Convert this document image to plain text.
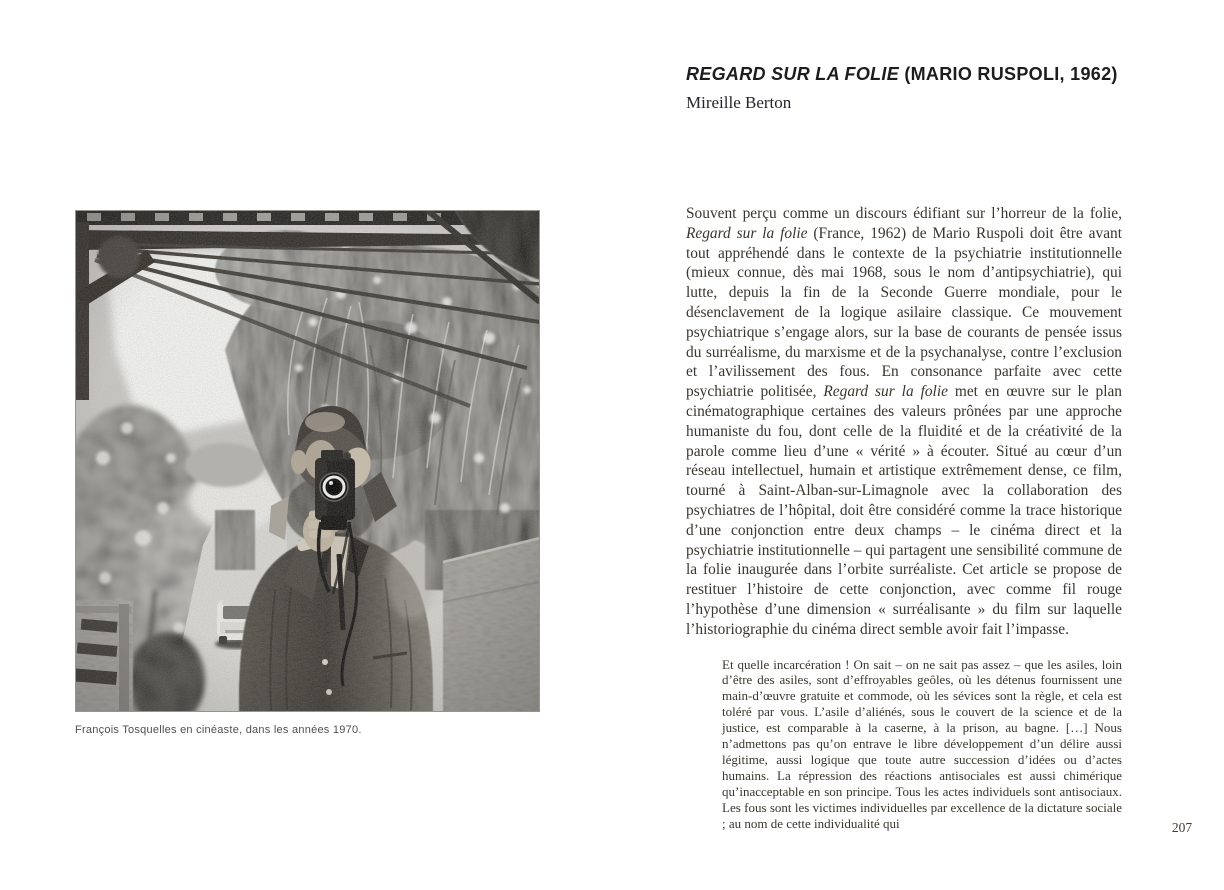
François Tosquelles en cinéaste, dans les années 1970.
REGARD SUR LA FOLIE (MARIO RUSPOLI, 1962)
Mireille Berton

Souvent perçu comme un discours édifiant sur l’horreur de la folie, Regard sur la folie (France, 1962) de Mario Ruspoli doit être avant tout appréhendé dans le contexte de la psychiatrie institutionnelle (mieux connue, dès mai 1968, sous le nom d’antipsychiatrie), qui lutte, depuis la fin de la Seconde Guerre mondiale, pour le désenclavement de la logique asilaire classique. Ce mouvement psychiatrique s’engage alors, sur la base de courants de pensée issus du surréalisme, du marxisme et de la psychanalyse, contre l’exclusion et l’avilissement des fous. En consonance parfaite avec cette psychiatrie politisée, Regard sur la folie met en œuvre sur le plan cinématographique certaines des valeurs prônées par une approche humaniste du fou, dont celle de la fluidité et de la créativité de la parole comme lieu d’une « vérité » à écouter. Situé au cœur d’un réseau intellectuel, humain et artistique extrêmement dense, ce film, tourné à Saint-Alban-sur-Limagnole avec la collaboration des psychiatres de l’hôpital, doit être considéré comme la trace historique d’une conjonction entre deux champs – le cinéma direct et la psychiatrie institutionnelle – qui partagent une sensibilité commune de la folie inaugurée dans l’orbite surréaliste. Cet article se propose de restituer l’histoire de cette conjonction, avec comme fil rouge l’hypothèse d’une dimension « surréalisante » du film sur laquelle l’historiographie du cinéma direct semble avoir fait l’impasse.

Et quelle incarcération ! On sait – on ne sait pas assez – que les asiles, loin d’être des asiles, sont d’effroyables geôles, où les détenus fournissent une main-d’œuvre gratuite et commode, où les sévices sont la règle, et cela est toléré par vous. L’asile d’aliénés, sous le couvert de la science et de la justice, est comparable à la caserne, à la prison, au bagne. […] Nous n’admettons pas qu’on entrave le libre développement d’un délire aussi légitime, aussi logique que toute autre succession d’idées ou d’actes humains. La répression des réactions antisociales est aussi chimérique qu’inacceptable en son principe. Tous les actes individuels sont antisociaux. Les fous sont les victimes individuelles par excellence de la dictature sociale ; au nom de cette individualité qui	207
